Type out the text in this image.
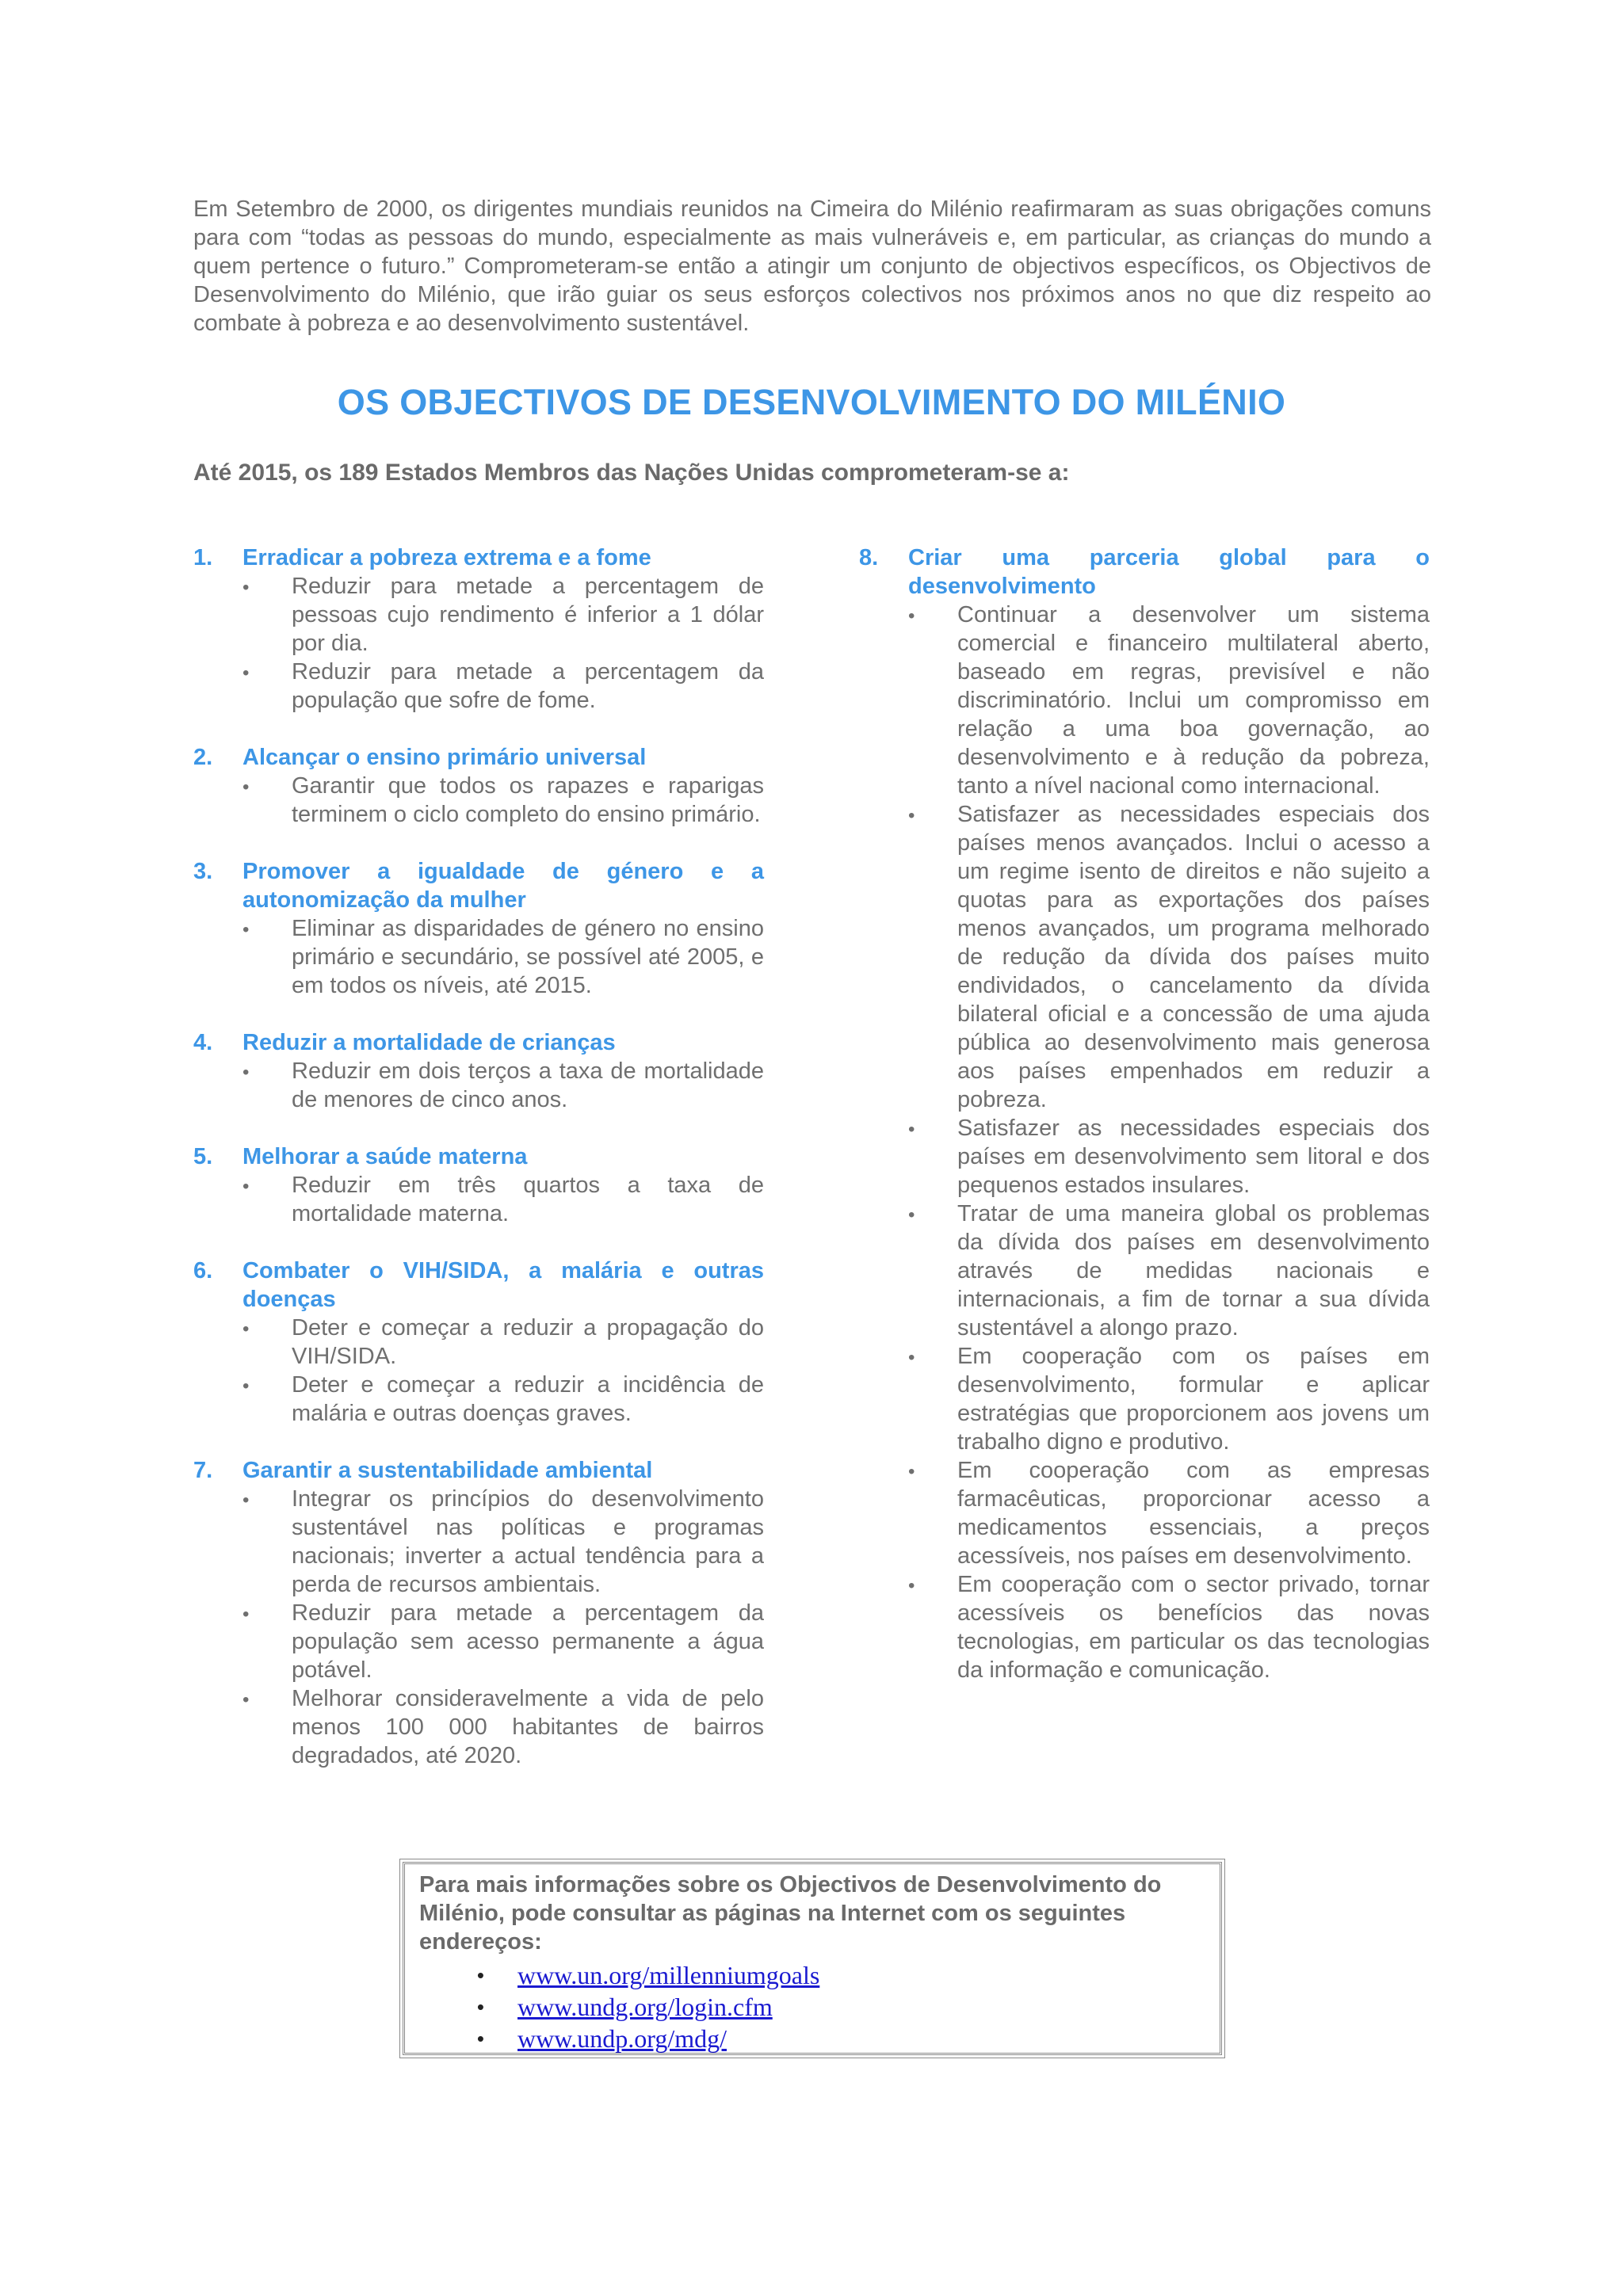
Em Setembro de 2000, os dirigentes mundiais reunidos na Cimeira do Milénio reafirmaram as suas obrigações comuns para com “todas as pessoas do mundo, especialmente as mais vulneráveis e, em particular, as crianças do mundo a quem pertence o futuro.” Comprometeram-se então a atingir um conjunto de objectivos específicos, os Objectivos de Desenvolvimento do Milénio, que irão guiar os seus esforços colectivos nos próximos anos no que diz respeito ao combate à pobreza e ao desenvolvimento sustentável.

OS OBJECTIVOS DE DESENVOLVIMENTO DO MILÉNIO

Até 2015, os 189 Estados Membros das Nações Unidas comprometeram-se a:

1.	Erradicar a pobreza extrema e a fome
•	Reduzir para metade a percentagem de pessoas cujo rendimento é inferior a 1 dólar por dia.
•	Reduzir para metade a percentagem da população que sofre de fome.
2.	Alcançar o ensino primário universal
•	Garantir que todos os rapazes e raparigas terminem o ciclo completo do ensino primário.
3.	Promover a igualdade de género e a autonomização da mulher
•	Eliminar as disparidades de género no ensino primário e secundário, se possível até 2005, e em todos os níveis, até 2015.
4.	Reduzir a mortalidade de crianças
•	Reduzir em dois terços a taxa de mortalidade de menores de cinco anos.
5.	Melhorar a saúde materna
•	Reduzir em três quartos a taxa de mortalidade materna.
6.	Combater o VIH/SIDA, a malária e outras doenças
•	Deter e começar a reduzir a propagação do VIH/SIDA.
•	Deter e começar a reduzir a incidência de malária e outras doenças graves.
7.	Garantir a sustentabilidade ambiental
•	Integrar os princípios do desenvolvimento sustentável nas políticas e programas nacionais; inverter a actual tendência para a perda de recursos ambientais.
•	Reduzir para metade a percentagem da população sem acesso permanente a água potável.
•	Melhorar consideravelmente a vida de pelo menos 100 000 habitantes de bairros degradados, até 2020.
8.	Criar uma parceria global para o desenvolvimento
•	Continuar a desenvolver um sistema comercial e financeiro multilateral aberto, baseado em regras, previsível e não discriminatório. Inclui um compromisso em relação a uma boa governação, ao desenvolvimento e à redução da pobreza, tanto a nível nacional como internacional.
•	Satisfazer as necessidades especiais dos países menos avançados. Inclui o acesso a um regime isento de direitos e não sujeito a quotas para as exportações dos países menos avançados, um programa melhorado de redução da dívida dos países muito endividados, o cancelamento da dívida bilateral oficial e a concessão de uma ajuda pública ao desenvolvimento mais generosa aos países empenhados em reduzir a pobreza.
•	Satisfazer as necessidades especiais dos países em desenvolvimento sem litoral e dos pequenos estados insulares.
•	Tratar de uma maneira global os problemas da dívida dos países em desenvolvimento através de medidas nacionais e internacionais, a fim de tornar a sua dívida sustentável a alongo prazo.
•	Em cooperação com os países em desenvolvimento, formular e aplicar estratégias que proporcionem aos jovens um trabalho digno e produtivo.
•	Em cooperação com as empresas farmacêuticas, proporcionar acesso a medicamentos essenciais, a preços acessíveis, nos países em desenvolvimento.
•	Em cooperação com o sector privado, tornar acessíveis os benefícios das novas tecnologias, em particular os das tecnologias da informação e comunicação.

Para mais informações sobre os Objectivos de Desenvolvimento do Milénio, pode consultar as páginas na Internet com os seguintes endereços:

•	www.un.org/millenniumgoals
•	www.undg.org/login.cfm
•	www.undp.org/mdg/
